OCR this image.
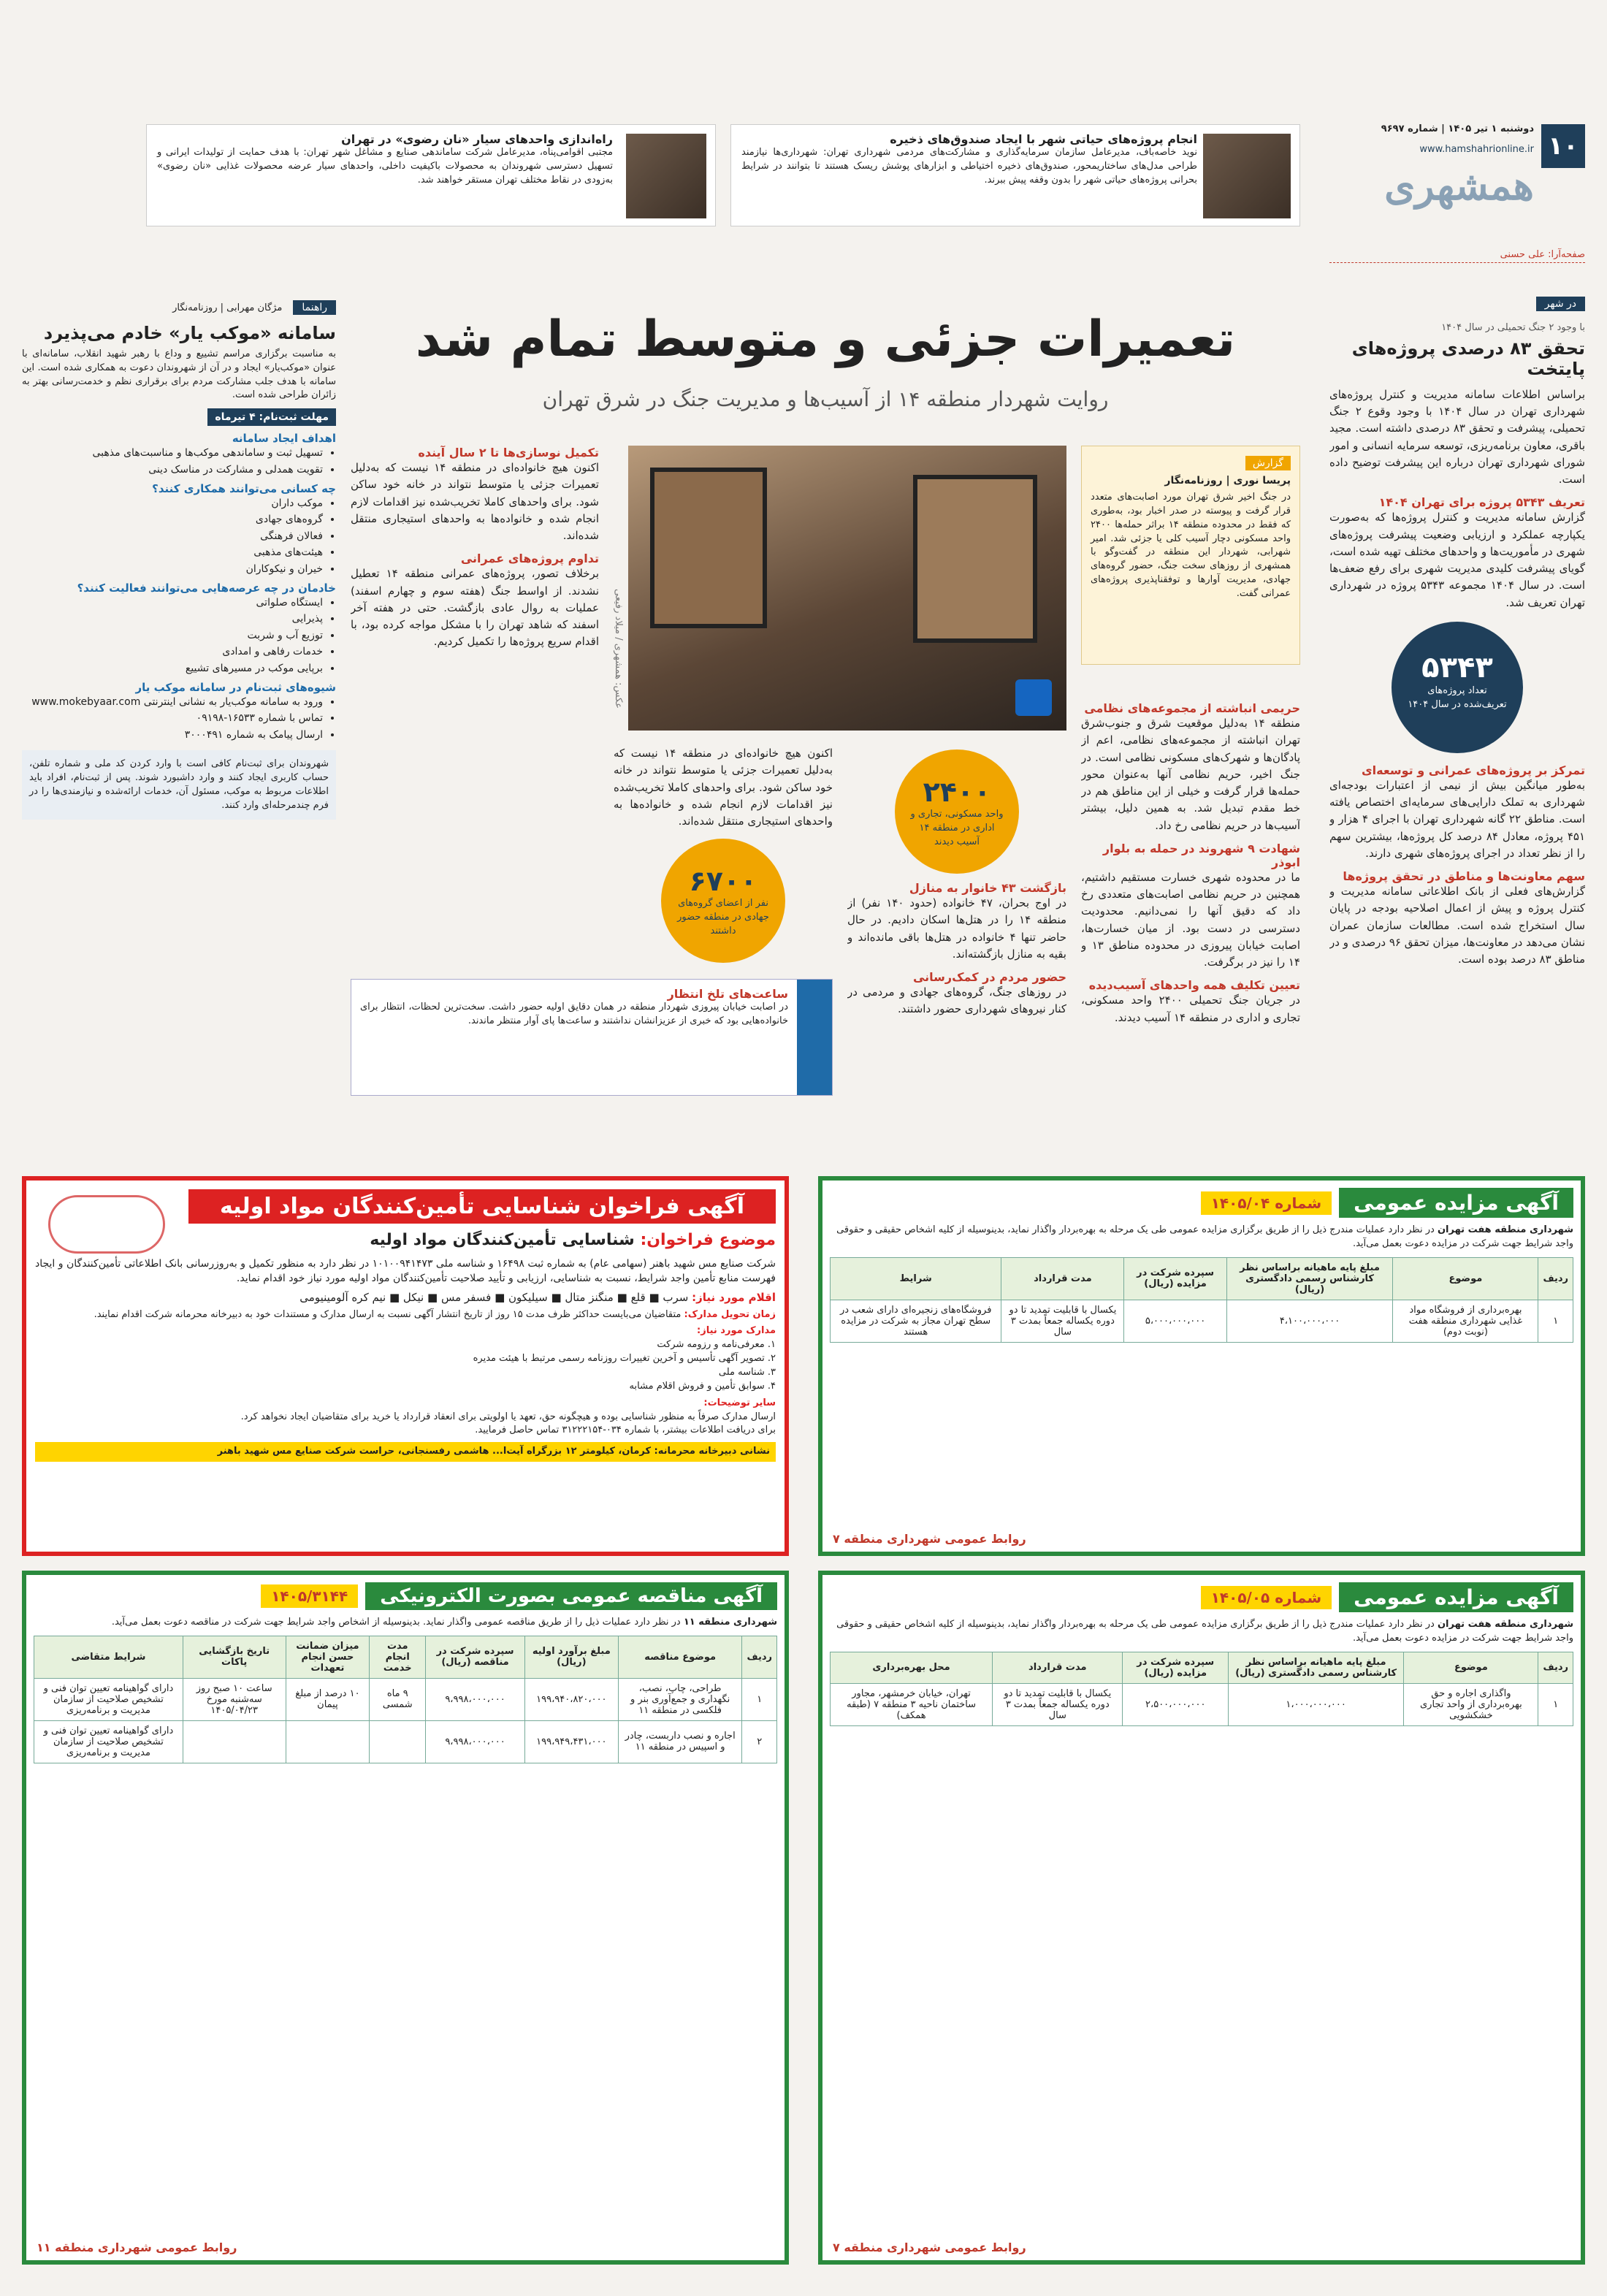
۱۰
دوشنبه ۱ تیر ۱۴۰۵ | شماره ۹۶۹۷
www.hamshahrionline.ir
همشهری
صفحه‌آرا: علی حسنی
انجام پروژه‌های حیاتی شهر با ایجاد صندوق‌های ذخیره
نوید خاصه‌باف، مدیرعامل سازمان سرمایه‌گذاری و مشارکت‌های مردمی شهرداری تهران: شهرداری‌ها نیازمند طراحی مدل‌های ساختاریمحور، صندوق‌های ذخیره اختیاطی و ابزارهای پوشش ریسک هستند تا بتوانند در شرایط بحرانی پروژه‌های حیاتی شهر را بدون وقفه پیش ببرند.
راه‌اندازی واحدهای سیار «نان رضوی» در تهران
مجتبی اقوامی‌پناه، مدیرعامل شرکت ساماندهی صنایع و مشاغل شهر تهران: با هدف حمایت از تولیدات ایرانی و تسهیل دسترسی شهروندان به محصولات باکیفیت داخلی، واحدهای سیار عرضه محصولات غذایی «نان رضوی» به‌زودی در نقاط مختلف تهران مستقر خواهند شد.
در شهر
با وجود ۲ جنگ تحمیلی در سال ۱۴۰۴
تحقق ۸۳ درصدی پروژه‌های پایتخت
براساس اطلاعات سامانه مدیریت و کنترل پروژه‌های شهرداری تهران در سال ۱۴۰۴ با وجود وقوع ۲ جنگ تحمیلی، پیشرفت و تحقق ۸۳ درصدی داشته است. مجید باقری، معاون برنامه‌ریزی، توسعه سرمایه انسانی و امور شورای شهرداری تهران درباره این پیشرفت توضیح داده است.
تعریف ۵۳۴۳ پروژه برای تهران ۱۴۰۴
گزارش سامانه مدیریت و کنترل پروژه‌ها که به‌صورت یکپارچه عملکرد و ارزیابی وضعیت پیشرفت پروژه‌های شهری در مأموریت‌ها و واحدهای مختلف تهیه شده است، گویای پیشرفت کلیدی مدیریت شهری برای رفع ضعف‌ها است. در سال ۱۴۰۴ مجموعه ۵۳۴۳ پروژه در شهرداری تهران تعریف شد.
۵۳۴۳
تعداد پروژه‌های تعریف‌شده در سال ۱۴۰۴
تمرکز بر پروژه‌های عمرانی و توسعه‌ای
به‌طور میانگین بیش از نیمی از اعتبارات بودجه‌ای شهرداری به تملک دارایی‌های سرمایه‌ای اختصاص یافته است. مناطق ۲۲ گانه شهرداری تهران با اجرای ۴ هزار و ۴۵۱ پروژه، معادل ۸۴ درصد کل پروژه‌ها، بیشترین سهم را از نظر تعداد در اجرای پروژه‌های شهری دارند.
سهم معاونت‌ها و مناطق در تحقق پروژه‌ها
گزارش‌های فعلی از بانک اطلاعاتی سامانه مدیریت و کنترل پروژه و پیش از اعمال اصلاحیه بودجه در پایان سال استخراج شده است. مطالعات سازمان عمران نشان می‌دهد در معاونت‌ها، میزان تحقق ۹۶ درصدی و در مناطق ۸۳ درصد بوده است.
تعمیرات جزئی و متوسط تمام شد
روایت شهردار منطقه ۱۴ از آسیب‌ها و مدیریت جنگ در شرق تهران
گزارش
پریسا نوری | روزنامه‌نگار
در جنگ اخیر شرق تهران مورد اصابت‌های متعدد قرار گرفت و پیوسته در صدر اخبار بود، به‌طوری که فقط در محدوده منطقه ۱۴ براثر حمله‌ها ۲۴۰۰ واحد مسکونی دچار آسیب کلی یا جزئی شد. امیر شهرابی، شهردار این منطقه در گفت‌وگو با همشهری از روزهای سخت جنگ، حضور گروه‌های جهادی، مدیریت آوارها و توفقناپذیری پروژه‌های عمرانی گفت.
عکس: همشهری / میلاد رفیعی	حریمی انباشته از مجموعه‌های نظامی
منطقه ۱۴ به‌دلیل موقعیت شرق و جنوب‌شرق تهران انباشته از مجموعه‌های نظامی، اعم از پادگان‌ها و شهرک‌های مسکونی نظامی است. در جنگ اخیر، حریم نظامی آنها به‌عنوان محور حمله‌ها قرار گرفت و خیلی از این مناطق هم در خط مقدم تبدیل شد. به همین دلیل، بیشتر آسیب‌ها در حریم نظامی رخ داد.
شهادت ۹ شهروند در حمله به بلوار ابوذر
ما در محدوده شهری خسارت مستقیم داشتیم، همچنین در حریم نظامی اصابت‌های متعددی رخ داد که دقیق آنها را نمی‌دانیم. محدودیت دسترسی در دست بود. از میان خسارت‌ها، اصابت خیابان پیروزی در محدوده مناطق ۱۳ و ۱۴ را نیز در برگرفت.
تعیین تکلیف همه واحدهای آسیب‌دیده
در جریان جنگ تحمیلی ۲۴۰۰ واحد مسکونی، تجاری و اداری در منطقه ۱۴ آسیب دیدند.
۲۴۰۰
واحد مسکونی، تجاری و اداری در منطقه ۱۴ آسیب دیدند
بازگشت ۴۳ خانوار به منازل
در اوج بحران، ۴۷ خانواده (حدود ۱۴۰ نفر) از منطقه ۱۴ را در هتل‌ها اسکان دادیم. در حال حاضر تنها ۴ خانواده در هتل‌ها باقی مانده‌اند و بقیه به منازل بازگشته‌اند.
حضور مردم در کمک‌رسانی
در روزهای جنگ، گروه‌های جهادی و مردمی در کنار نیروهای شهرداری حضور داشتند.
اکنون هیچ خانواده‌ای در منطقه ۱۴ نیست که به‌دلیل تعمیرات جزئی یا متوسط نتواند در خانه خود ساکن شود. برای واحدهای کاملا تخریب‌شده نیز اقدامات لازم انجام شده و خانواده‌ها به واحدهای استیجاری منتقل شده‌اند.
۶۷۰۰
نفر از اعضای گروه‌های جهادی در منطقه حضور داشتند
تکمیل نوسازی‌ها تا ۲ سال آینده
اکنون هیچ خانواده‌ای در منطقه ۱۴ نیست که به‌دلیل تعمیرات جزئی یا متوسط نتواند در خانه خود ساکن شود. برای واحدهای کاملا تخریب‌شده نیز اقدامات لازم انجام شده و خانواده‌ها به واحدهای استیجاری منتقل شده‌اند.
تداوم پروژه‌های عمرانی
برخلاف تصور، پروژه‌های عمرانی منطقه ۱۴ تعطیل نشدند. از اواسط جنگ (هفته سوم و چهارم اسفند) عملیات به روال عادی بازگشت. حتی در هفته آخر اسفند که شاهد تهران را با مشکل مواجه کرده بود، با اقدام سریع پروژه‌ها را تکمیل کردیم.
ساعت‌های تلخ انتظار
در اصابت خیابان پیروزی شهردار منطقه در همان دقایق اولیه حضور داشت. سخت‌ترین لحظات، انتظار برای خانواده‌هایی بود که خبری از عزیزانشان نداشتند و ساعت‌ها پای آوار منتظر ماندند.
راهنما مژگان مهرابی | روزنامه‌نگار
سامانه «موکب یار» خادم می‌پذیرد
به مناسبت برگزاری مراسم تشییع و وداع با رهبر شهید انقلاب، سامانه‌ای با عنوان «موکب‌یار» ایجاد و در آن از شهروندان دعوت به همکاری شده است. این سامانه با هدف جلب مشارکت مردم برای برقراری نظم و خدمت‌رسانی بهتر به زائران طراحی شده است.
مهلت ثبت‌نام: ۴ تیرماه
اهداف ایجاد سامانه
• تسهیل ثبت و ساماندهی موکب‌ها و مناسبت‌های مذهبی
• تقویت همدلی و مشارکت در مناسک دینی
چه کسانی می‌توانند همکاری کنند؟
• موکب داران
• گروه‌های جهادی
• فعالان فرهنگی
• هیئت‌های مذهبی
• خیران و نیکوکاران
خادمان در چه عرصه‌هایی می‌توانند فعالیت کنند؟
• ایستگاه صلواتی
• پذیرایی
• توزیع آب و شربت
• خدمات رفاهی و امدادی
• برپایی موکب در مسیرهای تشییع
شیوه‌های ثبت‌نام در سامانه موکب یار
• ورود به سامانه موکب‌یار به نشانی اینترنتی www.mokebyaar.com
• تماس با شماره ۱۶۵۳۳-۰۹۱۹۸
• ارسال پیامک به شماره ۳۰۰۰۴۹۱
شهروندان برای ثبت‌نام کافی است با وارد کردن کد ملی و شماره تلفن، حساب کاربری ایجاد کنند و وارد داشبورد شوند. پس از ثبت‌نام، افراد باید اطلاعات مربوط به موکب، مسئول آن، خدمات ارائه‌شده و نیازمندی‌ها را در فرم چندمرحله‌ای وارد کنند.
آگهی مزایده عمومی
شماره ۱۴۰۵/۰۴
شهرداری منطقه هفت تهران در نظر دارد عملیات مندرج ذیل را از طریق برگزاری مزایده عمومی طی یک مرحله به بهره‌بردار واگذار نماید، بدینوسیله از کلیه اشخاص حقیقی و حقوقی واجد شرایط جهت شرکت در مزایده دعوت بعمل می‌آید.
ردیف	موضوع	مبلغ پایه ماهیانه براساس نظر کارشناس رسمی دادگستری (ریال)	سپرده شرکت در مزایده (ریال)	مدت قرارداد	شرایط
۱	بهره‌برداری از فروشگاه مواد غذایی شهرداری منطقه هفت (نوبت دوم)	۴،۱۰۰،۰۰۰،۰۰۰	۵،۰۰۰،۰۰۰،۰۰۰	یکسال با قابلیت تمدید تا دو دوره یکساله جمعاً بمدت ۳ سال	فروشگاه‌های زنجیره‌ای دارای شعب در سطح تهران مجاز به شرکت در مزایده هستند
روابط عمومی شهرداری منطقه ۷
آگهی فراخوان شناسایی تأمین‌کنندگان مواد اولیه
موضوع فراخوان: شناسایی تأمین‌کنندگان مواد اولیه
شرکت صنایع مس شهید باهنر (سهامی عام) به شماره ثبت ۱۶۴۹۸ و شناسه ملی ۱۰۱۰۰۹۴۱۴۷۳ در نظر دارد به منظور تکمیل و به‌روزرسانی بانک اطلاعاتی تأمین‌کنندگان و ایجاد فهرست منابع تأمین واجد شرایط، نسبت به شناسایی، ارزیابی و تأیید صلاحیت تأمین‌کنندگان مواد اولیه مورد نیاز خود اقدام نماید.
اقلام مورد نیاز: سرب ■ قلع ■ منگنز متال ■ سیلیکون ■ فسفر مس ■ نیکل ■ نیم کره آلومینیومی
زمان تحویل مدارک: متقاضیان می‌بایست حداکثر ظرف مدت ۱۵ روز از تاریخ انتشار آگهی نسبت به ارسال مدارک و مستندات خود به دبیرخانه محرمانه شرکت اقدام نمایند.
مدارک مورد نیاز:
۱. معرفی‌نامه و رزومه شرکت
۲. تصویر آگهی تأسیس و آخرین تغییرات روزنامه رسمی مرتبط با هیئت مدیره
۳. شناسه ملی
۴. سوابق تأمین و فروش اقلام مشابه
سایر توضیحات:
ارسال مدارک صرفاً به منظور شناسایی بوده و هیچگونه حق، تعهد یا اولویتی برای انعقاد قرارداد یا خرید برای متقاضیان ایجاد نخواهد کرد.
برای دریافت اطلاعات بیشتر، با شماره ۰۳۴-۳۱۲۲۲۱۵۴ تماس حاصل فرمایید.
نشانی دبیرخانه محرمانه: کرمان، کیلومتر ۱۲ بزرگراه آیت‌ا... هاشمی رفسنجانی، حراست شرکت صنایع مس شهید باهنر
آگهی مزایده عمومی
شماره ۱۴۰۵/۰۵
شهرداری منطقه هفت تهران در نظر دارد عملیات مندرج ذیل را از طریق برگزاری مزایده عمومی طی یک مرحله به بهره‌بردار واگذار نماید، بدینوسیله از کلیه اشخاص حقیقی و حقوقی واجد شرایط جهت شرکت در مزایده دعوت بعمل می‌آید.
ردیف	موضوع	مبلغ پایه ماهیانه براساس نظر کارشناس رسمی دادگستری (ریال)	سپرده شرکت در مزایده (ریال)	مدت قرارداد	محل بهره‌برداری
۱	واگذاری اجاره و حق بهره‌برداری از واحد تجاری خشکشویی	۱،۰۰۰،۰۰۰،۰۰۰	۲،۵۰۰،۰۰۰،۰۰۰	یکسال با قابلیت تمدید تا دو دوره یکساله جمعاً بمدت ۳ سال	تهران، خیابان خرمشهر، مجاور ساختمان ناحیه ۳ منطقه ۷ (طبقه همکف)
روابط عمومی شهرداری منطقه ۷
آگهی مناقصه عمومی بصورت الکترونیکی
۱۴۰۵/۳۱۴۴
شهرداری منطقه ۱۱ در نظر دارد عملیات ذیل را از طریق مناقصه عمومی واگذار نماید. بدینوسیله از اشخاص واجد شرایط جهت شرکت در مناقصه دعوت بعمل می‌آید.
ردیف	موضوع مناقصه	مبلغ برآورد اولیه (ریال)	سپرده شرکت در مناقصه (ریال)	مدت انجام خدمت	میزان ضمانت حسن انجام تعهدات	تاریخ بازگشایی پاکات	شرایط متقاضی
۱	طراحی، چاپ، نصب، نگهداری و جمع‌آوری بنر و فلکسی در منطقه ۱۱	۱۹۹،۹۴۰،۸۲۰،۰۰۰	۹،۹۹۸،۰۰۰،۰۰۰	۹ ماه شمسی	۱۰ درصد از مبلغ پیمان	ساعت ۱۰ صبح روز سه‌شنبه مورخ ۱۴۰۵/۰۴/۲۳	دارای گواهینامه تعیین توان فنی و تشخیص صلاحیت از سازمان مدیریت و برنامه‌ریزی
۲	اجاره و نصب داربست، چادر و اسپیس در منطقه ۱۱	۱۹۹،۹۴۹،۴۳۱،۰۰۰	۹،۹۹۸،۰۰۰،۰۰۰				دارای گواهینامه تعیین توان فنی و تشخیص صلاحیت از سازمان مدیریت و برنامه‌ریزی
روابط عمومی شهرداری منطقه ۱۱
